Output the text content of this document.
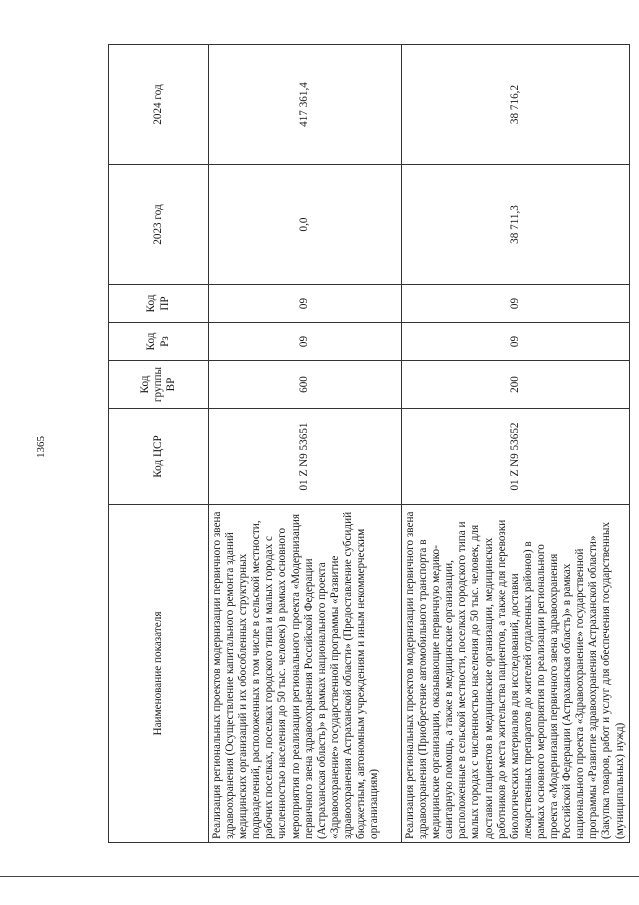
1365
Наименование показателя	Код ЦСР	Код группы ВР	Код Рз	Код ПР	2023 год	2024 год
Реализация региональных проектов модернизации первичного звена здравоохранения (Осуществление капитального ремонта зданий медицинских организаций и их обособленных структурных подразделений, расположенных в том числе в сельской местности, рабочих поселках, поселках городского типа и малых городах с численностью населения до 50 тыс. человек) в рамках основного мероприятия по реализации регионального проекта «Модернизация первичного звена здравоохранения Российской Федерации (Астраханская область)» в рамках национального проекта «Здравоохранение» государственной программы «Развитие здравоохранения Астраханской области» (Предоставление субсидий бюджетным, автономным учреждениям и иным некоммерческим организациям)	01 Z N9 53651	600	09	09	0,0	417 361,4
Реализация региональных проектов модернизации первичного звена здравоохранения (Приобретение автомобильного транспорта в медицинские организации, оказывающие первичную медико-санитарную помощь, а также в медицинские организации, расположенные в сельской местности, поселках городского типа и малых городах с численностью населения до 50 тыс. человек, для доставки пациентов в медицинские организации, медицинских работников до места жительства пациентов, а также для перевозки биологических материалов для исследований, доставки лекарственных препаратов до жителей отдаленных районов) в рамках основного мероприятия по реализации регионального проекта «Модернизация первичного звена здравоохранения Российской Федерации (Астраханская область)» в рамках национального проекта «Здравоохранение» государственной программы «Развитие здравоохранения Астраханской области» (Закупка товаров, работ и услуг для обеспечения государственных (муниципальных) нужд)	01 Z N9 53652	200	09	09	38 711,3	38 716,2
